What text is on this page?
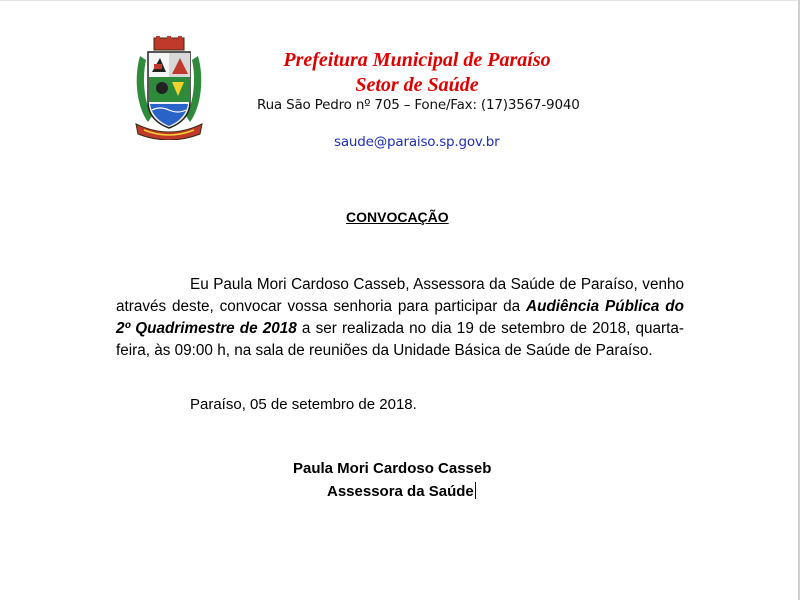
Prefeitura Municipal de Paraíso
Setor de Saúde
Rua São Pedro nº 705 – Fone/Fax: (17)3567-9040
saude@paraiso.sp.gov.br
CONVOCAÇÃO
Eu Paula Mori Cardoso Casseb, Assessora da Saúde de Paraíso, venho através deste, convocar vossa senhoria para participar da Audiência Pública do 2º Quadrimestre de 2018 a ser realizada no dia 19 de setembro de 2018, quarta-feira, às 09:00 h, na sala de reuniões da Unidade Básica de Saúde de Paraíso.
Paraíso, 05 de setembro de 2018.
Paula Mori Cardoso Casseb
Assessora da Saúde
